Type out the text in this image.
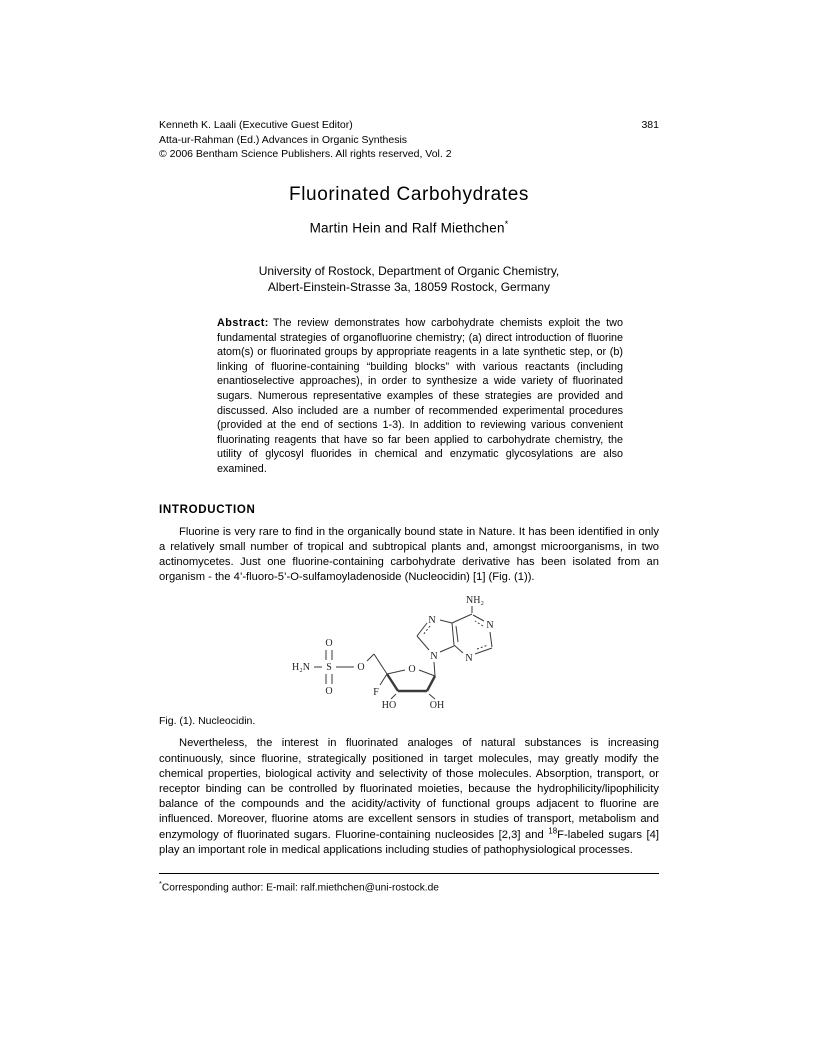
Kenneth K. Laali (Executive Guest Editor)
Atta-ur-Rahman (Ed.) Advances in Organic Synthesis
© 2006 Bentham Science Publishers. All rights reserved, Vol. 2
381
Fluorinated Carbohydrates
Martin Hein and Ralf Miethchen*
University of Rostock, Department of Organic Chemistry,
Albert-Einstein-Strasse 3a, 18059 Rostock, Germany
Abstract: The review demonstrates how carbohydrate chemists exploit the two fundamental strategies of organofluorine chemistry; (a) direct introduction of fluorine atom(s) or fluorinated groups by appropriate reagents in a late synthetic step, or (b) linking of fluorine-containing “building blocks” with various reactants (including enantioselective approaches), in order to synthesize a wide variety of fluorinated sugars. Numerous representative examples of these strategies are provided and discussed. Also included are a number of recommended experimental procedures (provided at the end of sections 1-3). In addition to reviewing various convenient fluorinating reagents that have so far been applied to carbohydrate chemistry, the utility of glycosyl fluorides in chemical and enzymatic glycosylations are also examined.
INTRODUCTION

Fluorine is very rare to find in the organically bound state in Nature. It has been identified in only a relatively small number of tropical and subtropical plants and, amongst microorganisms, in two actinomycetes. Just one fluorine-containing carbohydrate derivative has been isolated from an organism - the 4’-fluoro-5’-O-sulfamoyladenoside (Nucleocidin) [1] (Fig. (1)).

H₂N S
O
O
O
F
O
HO	OH
N
N
N
N
NH₂
Fig. (1). Nucleocidin.

Nevertheless, the interest in fluorinated analoges of natural substances is increasing continuously, since fluorine, strategically positioned in target molecules, may greatly modify the chemical properties, biological activity and selectivity of those molecules. Absorption, transport, or receptor binding can be controlled by fluorinated moieties, because the hydrophilicity/lipophilicity balance of the compounds and the acidity/activity of functional groups adjacent to fluorine are influenced. Moreover, fluorine atoms are excellent sensors in studies of transport, metabolism and enzymology of fluorinated sugars. Fluorine-containing nucleosides [2,3] and $^{18}$F-labeled sugars [4] play an important role in medical applications including studies of pathophysiological processes.

*Corresponding author: E-mail: ralf.miethchen@uni-rostock.de
